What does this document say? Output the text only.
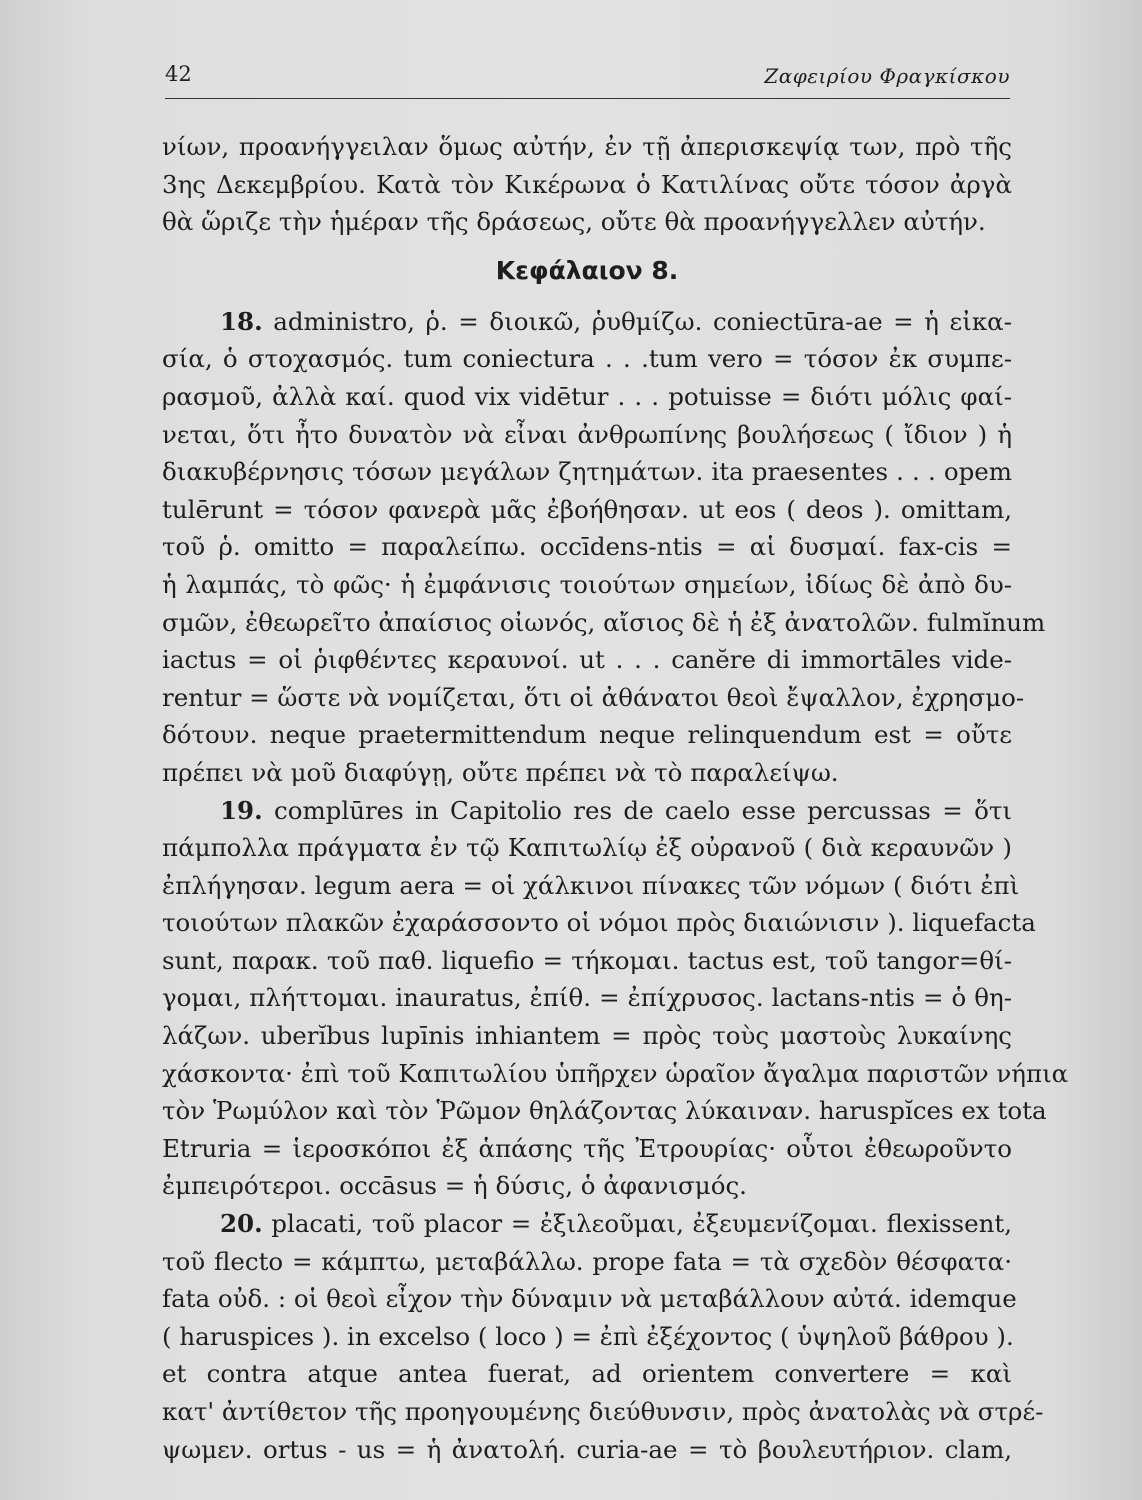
42	Ζαφειρίου Φραγκίσκου
νίων, προανήγγειλαν ὅμως αὐτήν, ἐν τῇ ἀπερισκεψίᾳ των, πρὸ τῆς
3ης Δεκεμβρίου. Κατὰ τὸν Κικέρωνα ὁ Κατιλίνας οὔτε τόσον ἀργὰ
θὰ ὥριζε τὴν ἡμέραν τῆς δράσεως, οὔτε θὰ προανήγγελλεν αὐτήν.
Κεφάλαιον 8.
18. administro, ῥ. = διοικῶ, ῥυθμίζω. coniectūra-ae = ἡ εἰκα-
σία, ὁ στοχασμός. tum coniectura . . .tum vero = τόσον ἐκ συμπε-
ρασμοῦ, ἀλλὰ καί. quod vix vidētur . . . potuisse = διότι μόλις φαί-
νεται, ὅτι ἦτο δυνατὸν νὰ εἶναι ἀνθρωπίνης βουλήσεως ( ἴδιον ) ἡ
διακυβέρνησις τόσων μεγάλων ζητημάτων. ita praesentes . . . opem
tulērunt = τόσον φανερὰ μᾶς ἐβοήθησαν. ut eos ( deos ). omittam,
τοῦ ῥ. omitto = παραλείπω. occīdens-ntis = αἱ δυσμαί. fax-cis =
ἡ λαμπάς, τὸ φῶς· ἡ ἐμφάνισις τοιούτων σημείων, ἰδίως δὲ ἀπὸ δυ-
σμῶν, ἐθεωρεῖτο ἀπαίσιος οἰωνός, αἴσιος δὲ ἡ ἐξ ἀνατολῶν. fulmĭnum
iactus = οἱ ῥιφθέντες κεραυνοί. ut . . . canĕre di immortāles vide-
rentur = ὥστε νὰ νομίζεται, ὅτι οἱ ἀθάνατοι θεοὶ ἔψαλλον, ἐχρησμο-
δότουν. neque praetermittendum neque relinquendum est = οὔτε
πρέπει νὰ μοῦ διαφύγῃ, οὔτε πρέπει νὰ τὸ παραλείψω.
19. complūres in Capitolio res de caelo esse percussas = ὅτι
πάμπολλα πράγματα ἐν τῷ Καπιτωλίῳ ἐξ οὐρανοῦ ( διὰ κεραυνῶν )
ἐπλήγησαν. legum aera = οἱ χάλκινοι πίνακες τῶν νόμων ( διότι ἐπὶ
τοιούτων πλακῶν ἐχαράσσοντο οἱ νόμοι πρὸς διαιώνισιν ). liquefacta
sunt, παρακ. τοῦ παθ. liquefio = τήκομαι. tactus est, τοῦ tangor=θί-
γομαι, πλήττομαι. inauratus, ἐπίθ. = ἐπίχρυσος. lactans-ntis = ὁ θη-
λάζων. uberĭbus lupīnis inhiantem = πρὸς τοὺς μαστοὺς λυκαίνης
χάσκοντα· ἐπὶ τοῦ Καπιτωλίου ὑπῆρχεν ὡραῖον ἄγαλμα παριστῶν νήπια
τὸν Ῥωμύλον καὶ τὸν Ῥῶμον θηλάζοντας λύκαιναν. haruspĭces ex tota
Etruria = ἱεροσκόποι ἐξ ἁπάσης τῆς Ἐτρουρίας· οὗτοι ἐθεωροῦντο
ἐμπειρότεροι. occāsus = ἡ δύσις, ὁ ἀφανισμός.
20. placati, τοῦ placor = ἐξιλεοῦμαι, ἐξευμενίζομαι. flexissent,
τοῦ flecto = κάμπτω, μεταβάλλω. prope fata = τὰ σχεδὸν θέσφατα·
fata οὐδ. : οἱ θεοὶ εἶχον τὴν δύναμιν νὰ μεταβάλλουν αὐτά. idemque
( haruspices ). in excelso ( loco ) = ἐπὶ ἐξέχοντος ( ὑψηλοῦ βάθρου ).
et contra atque antea fuerat, ad orientem convertere = καὶ
κατ' ἀντίθετον τῆς προηγουμένης διεύθυνσιν, πρὸς ἀνατολὰς νὰ στρέ-
ψωμεν. ortus - us = ἡ ἀνατολή. curia-ae = τὸ βουλευτήριον. clam,
